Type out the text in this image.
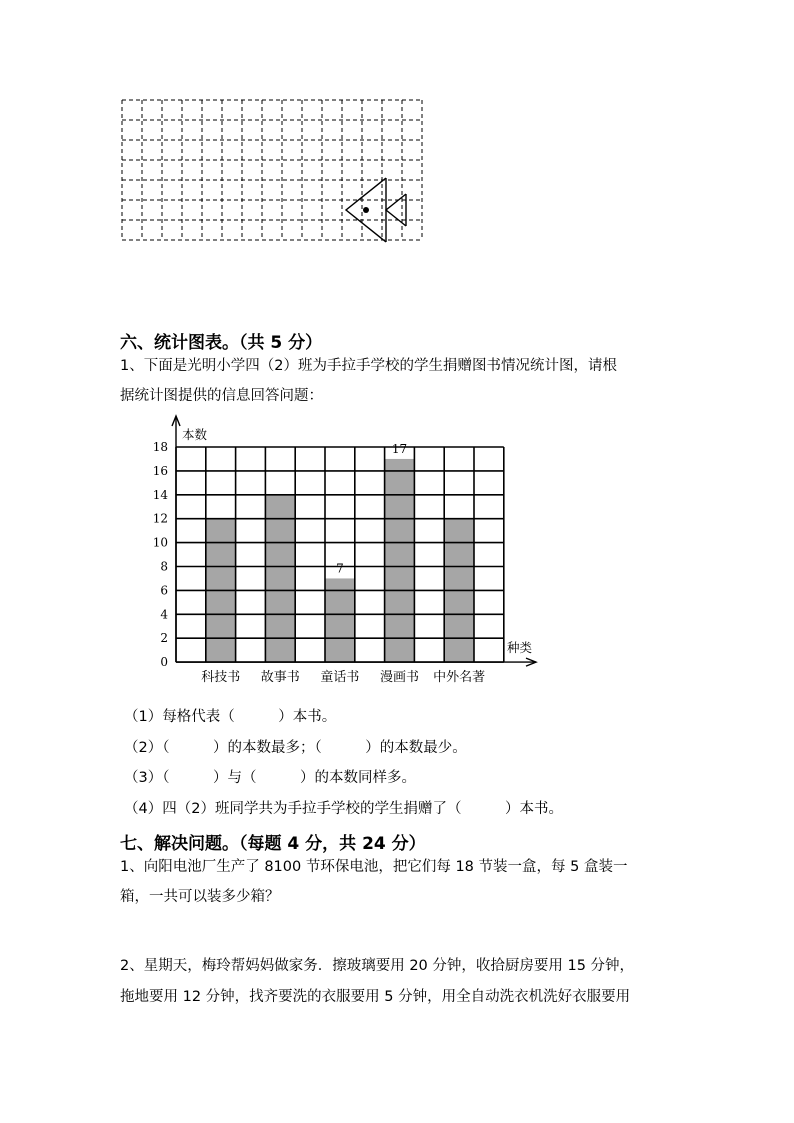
六、统计图表。（共 5 分）
1、下面是光明小学四（2）班为手拉手学校的学生捐赠图书情况统计图，请根
据统计图提供的信息回答问题：
0
2
4
6
8
10
12
14
16
18
本数
种类
科技书 故事书 童话书 漫画书 中外名著
7
17
（1）每格代表（　　　）本书。
（2）（　　　）的本数最多；（　　　）的本数最少。
（3）（　　　）与（　　　）的本数同样多。
（4）四（2）班同学共为手拉手学校的学生捐赠了（　　　）本书。
七、解决问题。（每题 4 分，共 24 分）
1、向阳电池厂生产了 8100 节环保电池，把它们每 18 节装一盒，每 5 盒装一
箱，一共可以装多少箱？
2、星期天，梅玲帮妈妈做家务．擦玻璃要用 20 分钟，收拾厨房要用 15 分钟，
拖地要用 12 分钟，找齐要洗的衣服要用 5 分钟，用全自动洗衣机洗好衣服要用
